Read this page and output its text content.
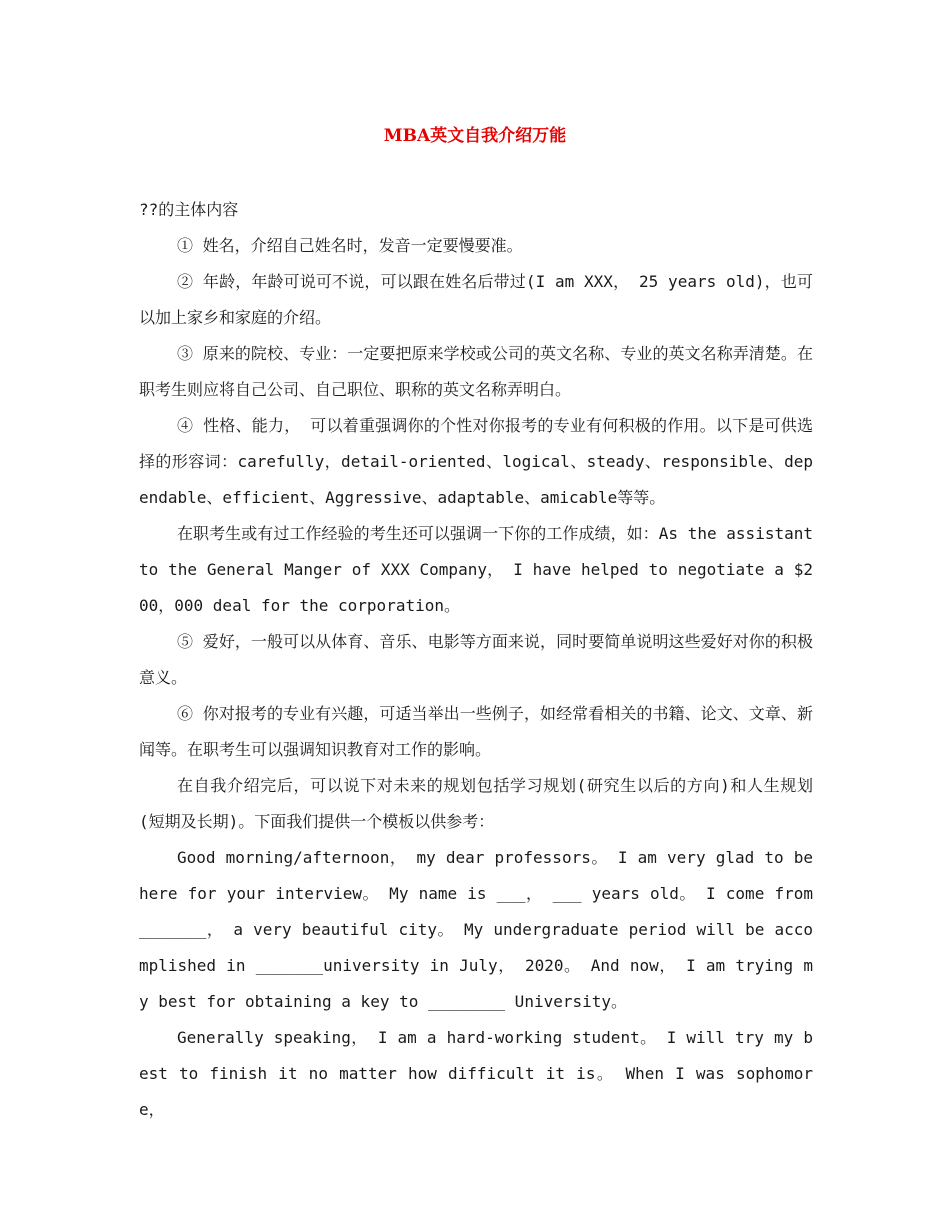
MBA英文自我介绍万能

??的主体内容

① 姓名，介绍自己姓名时，发音一定要慢要准。

② 年龄，年龄可说可不说，可以跟在姓名后带过(I am XXX， 25 years old)，也可以加上家乡和家庭的介绍。

③ 原来的院校、专业：一定要把原来学校或公司的英文名称、专业的英文名称弄清楚。在职考生则应将自己公司、自己职位、职称的英文名称弄明白。

④ 性格、能力， 可以着重强调你的个性对你报考的专业有何积极的作用。以下是可供选择的形容词：carefully，detail-oriented、logical、steady、responsible、dependable、efficient、Aggressive、adaptable、amicable等等。

在职考生或有过工作经验的考生还可以强调一下你的工作成绩，如：As the assistant to the General Manger of XXX Company， I have helped to negotiate a $200，000 deal for the corporation。

⑤ 爱好，一般可以从体育、音乐、电影等方面来说，同时要简单说明这些爱好对你的积极意义。

⑥ 你对报考的专业有兴趣，可适当举出一些例子，如经常看相关的书籍、论文、文章、新闻等。在职考生可以强调知识教育对工作的影响。

在自我介绍完后，可以说下对未来的规划包括学习规划(研究生以后的方向)和人生规划(短期及长期)。下面我们提供一个模板以供参考：

Good morning/afternoon， my dear professors。 I am very glad to be here for your interview。 My name is ___， ___ years old。 I come from _______， a very beautiful city。 My undergraduate period will be accomplished in _______university in July， 2020。 And now， I am trying my best for obtaining a key to ________ University。

Generally speaking， I am a hard-working student。 I will try my best to finish it no matter how difficult it is。 When I was sophomore，
